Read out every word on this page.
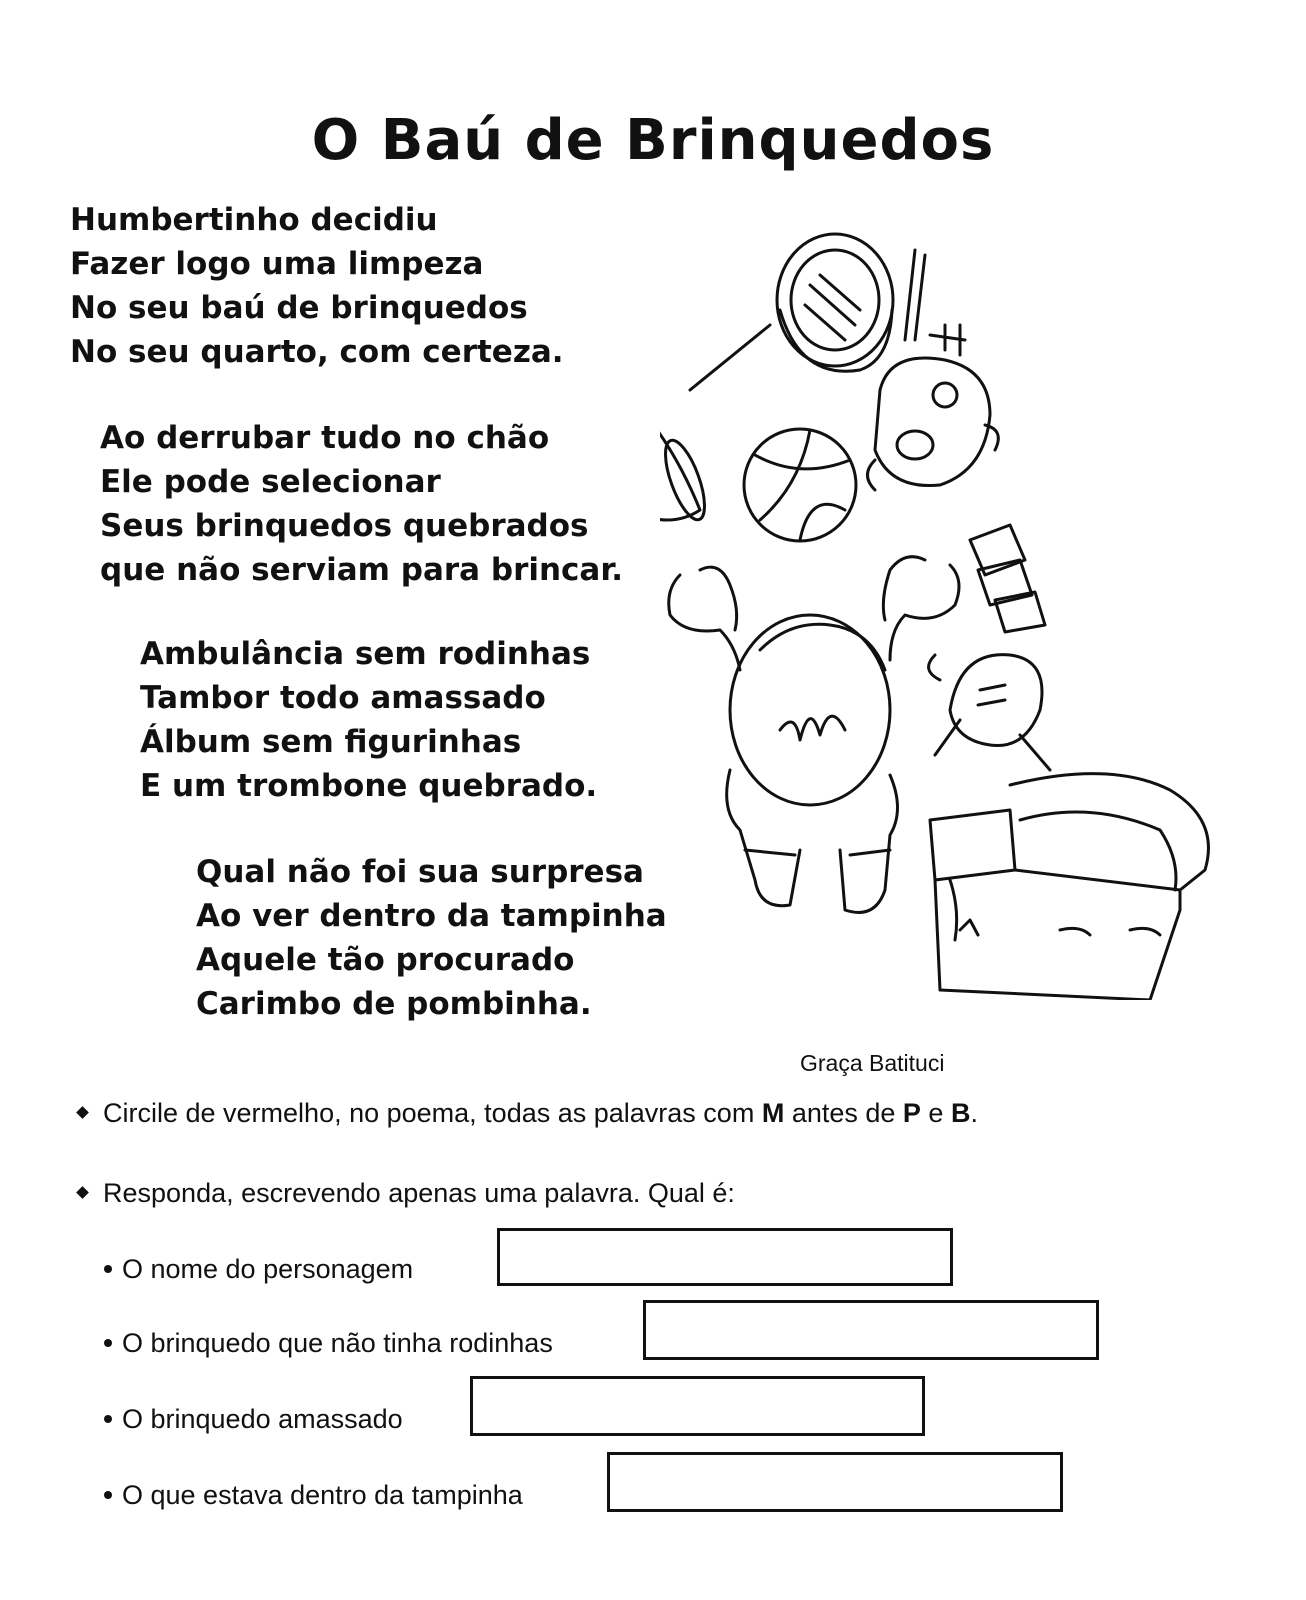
O Baú de Brinquedos
Humbertinho decidiu
Fazer logo uma limpeza
No seu baú de brinquedos
No seu quarto, com certeza.
Ao derrubar tudo no chão
Ele pode selecionar
Seus brinquedos quebrados
que não serviam para brincar.
Ambulância sem rodinhas
Tambor todo amassado
Álbum sem figurinhas
E um trombone quebrado.
Qual não foi sua surpresa
Ao ver dentro da tampinha
Aquele tão procurado
Carimbo de pombinha.
Graça Batituci
Circile de vermelho, no poema, todas as palavras com M antes de P e B.
Responda, escrevendo apenas uma palavra. Qual é:
O nome do personagem
O brinquedo que não tinha rodinhas
O brinquedo amassado
O que estava dentro da tampinha
